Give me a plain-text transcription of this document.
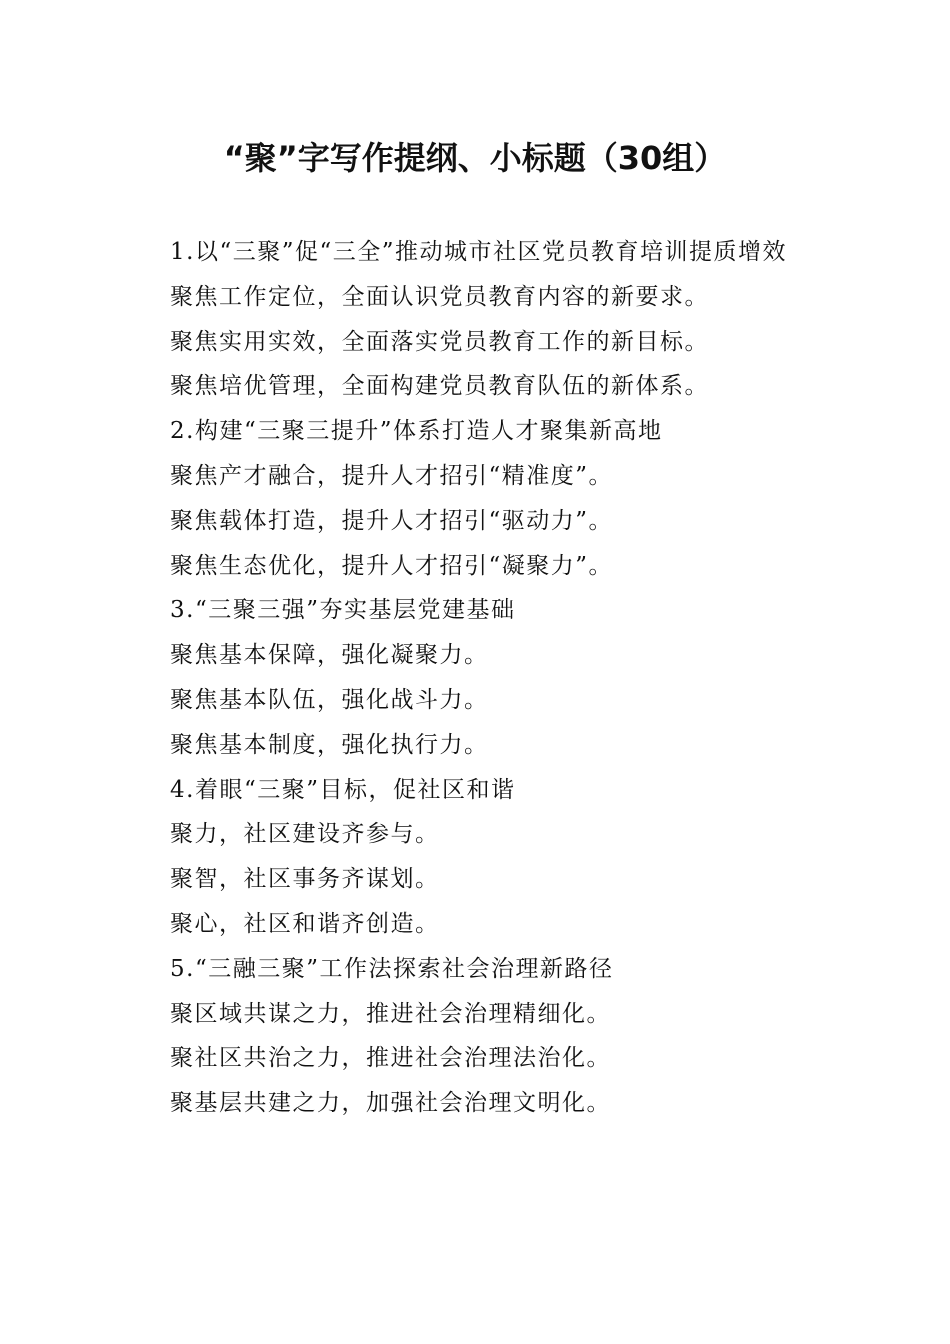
“聚”字写作提纲、小标题（30组）

1.以“三聚”促“三全”推动城市社区党员教育培训提质增效

聚焦工作定位，全面认识党员教育内容的新要求。

聚焦实用实效，全面落实党员教育工作的新目标。

聚焦培优管理，全面构建党员教育队伍的新体系。

2.构建“三聚三提升”体系打造人才聚集新高地

聚焦产才融合，提升人才招引“精准度”。

聚焦载体打造，提升人才招引“驱动力”。

聚焦生态优化，提升人才招引“凝聚力”。

3.“三聚三强”夯实基层党建基础

聚焦基本保障，强化凝聚力。

聚焦基本队伍，强化战斗力。

聚焦基本制度，强化执行力。

4.着眼“三聚”目标，促社区和谐

聚力，社区建设齐参与。

聚智，社区事务齐谋划。

聚心，社区和谐齐创造。

5.“三融三聚”工作法探索社会治理新路径

聚区域共谋之力，推进社会治理精细化。

聚社区共治之力，推进社会治理法治化。

聚基层共建之力，加强社会治理文明化。
